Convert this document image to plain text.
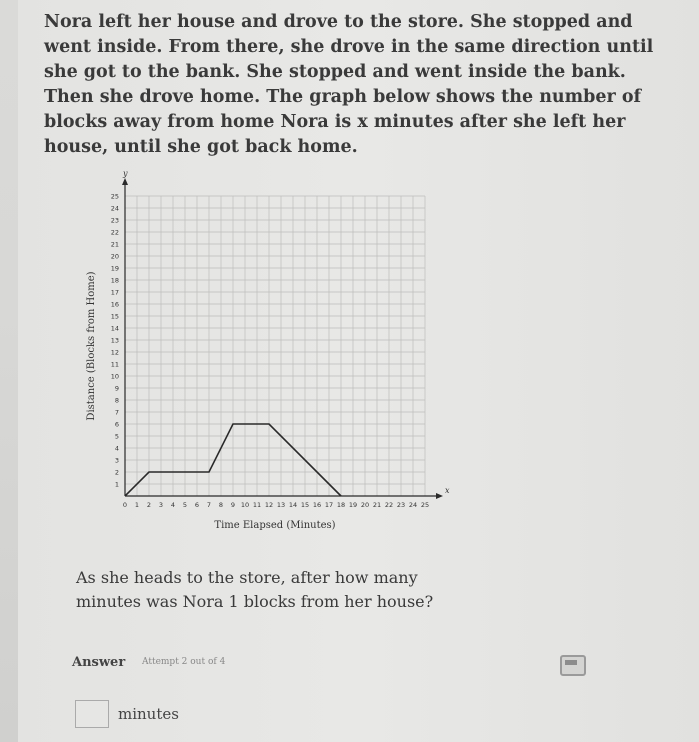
Nora left her house and drove to the store. She stopped and went inside. From there, she drove in the same direction until she got to the bank. She stopped and went inside the bank. Then she drove home. The graph below shows the number of blocks away from home Nora is x minutes after she left her house, until she got back home.
x
y
0 1 2 3 4 5 6 7 8 9 10 11 12 13 14 15 16 17 18 19 20 21 22 23 24 25
1
2
3
4
5
6
7
8
9
10
11
12
13
14
15
16
17
18
19
20
21
22
23
24
25
Time Elapsed (Minutes)
Distance (Blocks from Home)
As she heads to the store, after how many minutes was Nora 1 blocks from her house?
Answer Attempt 2 out of 4
minutes
